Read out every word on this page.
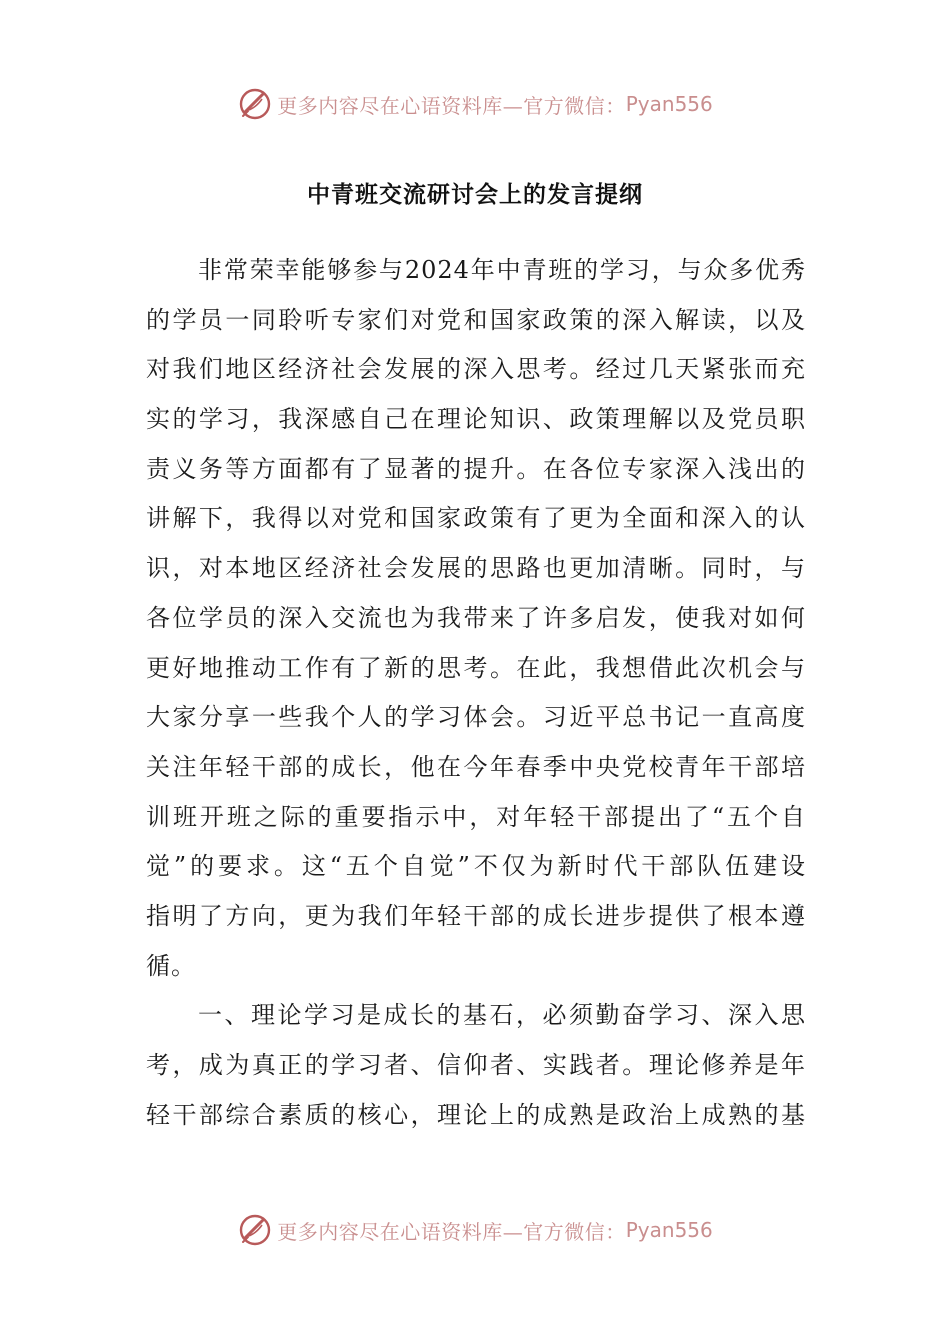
更多内容尽在心语资料库—官方微信： Pyan556
中青班交流研讨会上的发言提纲
非常荣幸能够参与2024年中青班的学习，与众多优秀
的学员一同聆听专家们对党和国家政策的深入解读，以及
对我们地区经济社会发展的深入思考。经过几天紧张而充
实的学习，我深感自己在理论知识、政策理解以及党员职
责义务等方面都有了显著的提升。在各位专家深入浅出的
讲解下，我得以对党和国家政策有了更为全面和深入的认
识，对本地区经济社会发展的思路也更加清晰。同时，与
各位学员的深入交流也为我带来了许多启发，使我对如何
更好地推动工作有了新的思考。在此，我想借此次机会与
大家分享一些我个人的学习体会。习近平总书记一直高度
关注年轻干部的成长，他在今年春季中央党校青年干部培
训班开班之际的重要指示中，对年轻干部提出了“五个自
觉”的要求。这“五个自觉”不仅为新时代干部队伍建设
指明了方向，更为我们年轻干部的成长进步提供了根本遵
循。
一、理论学习是成长的基石，必须勤奋学习、深入思
考，成为真正的学习者、信仰者、实践者。理论修养是年
轻干部综合素质的核心，理论上的成熟是政治上成熟的基
更多内容尽在心语资料库—官方微信： Pyan556
